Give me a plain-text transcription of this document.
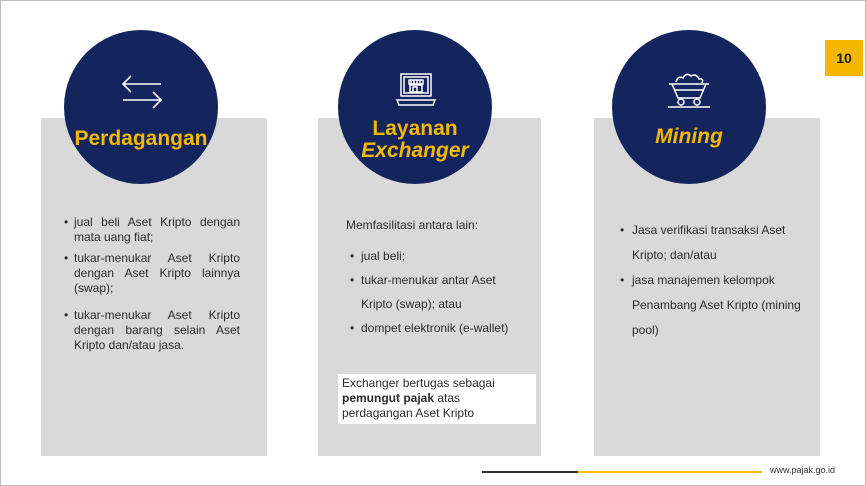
10
Perdagangan	Layanan
Exchanger
Mining
• jual beli Aset Kripto dengan mata uang fiat;
• tukar-menukar Aset Kripto dengan Aset Kripto lainnya (swap);
• tukar-menukar Aset Kripto dengan barang selain Aset Kripto dan/atau jasa.
Memfasilitasi antara lain:
• jual beli;
• tukar-menukar antar Aset Kripto (swap); atau
• dompet elektronik (e-wallet)
Exchanger bertugas sebagai pemungut pajak atas perdagangan Aset Kripto
• Jasa verifikasi transaksi Aset Kripto; dan/atau
• jasa manajemen kelompok Penambang Aset Kripto (mining pool)
www.pajak.go.id
